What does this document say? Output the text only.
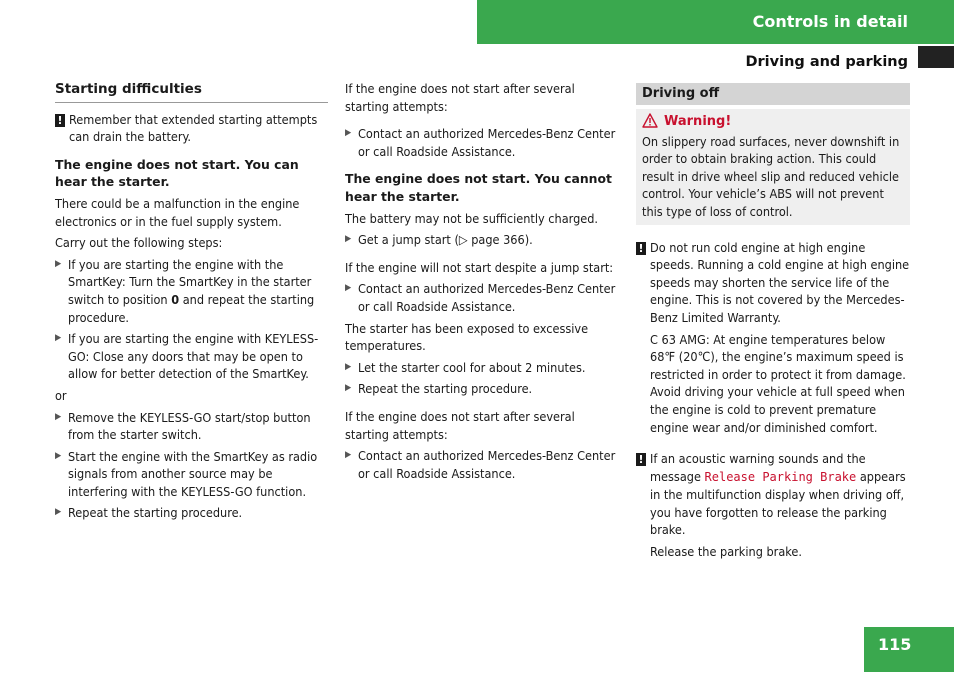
Controls in detail
Driving and parking
115
Starting difficulties
! Remember that extended starting attempts can drain the battery.
The engine does not start. You can hear the starter.
There could be a malfunction in the engine electronics or in the fuel supply system.
Carry out the following steps:
▶ If you are starting the engine with the SmartKey: Turn the SmartKey in the starter switch to position 0 and repeat the starting procedure.
▶ If you are starting the engine with KEYLESS-GO: Close any doors that may be open to allow for better detection of the SmartKey.
or
▶ Remove the KEYLESS-GO start/stop button from the starter switch.
▶ Start the engine with the SmartKey as radio signals from another source may be interfering with the KEYLESS-GO function.
▶ Repeat the starting procedure.
If the engine does not start after several starting attempts:
▶ Contact an authorized Mercedes-Benz Center or call Roadside Assistance.
The engine does not start. You cannot hear the starter.
The battery may not be sufficiently charged.
▶ Get a jump start (▷ page 366).
If the engine will not start despite a jump start:
▶ Contact an authorized Mercedes-Benz Center or call Roadside Assistance.
The starter has been exposed to excessive temperatures.
▶ Let the starter cool for about 2 minutes.
▶ Repeat the starting procedure.
If the engine does not start after several starting attempts:
▶ Contact an authorized Mercedes-Benz Center or call Roadside Assistance.
Driving off
Warning!
On slippery road surfaces, never downshift in order to obtain braking action. This could result in drive wheel slip and reduced vehicle control. Your vehicle’s ABS will not prevent this type of loss of control.
! Do not run cold engine at high engine speeds. Running a cold engine at high engine speeds may shorten the service life of the engine. This is not covered by the Mercedes-Benz Limited Warranty.
C 63 AMG: At engine temperatures below 68℉ (20℃), the engine’s maximum speed is restricted in order to protect it from damage. Avoid driving your vehicle at full speed when the engine is cold to prevent premature engine wear and/or diminished comfort.
! If an acoustic warning sounds and the message Release Parking Brake appears in the multifunction display when driving off, you have forgotten to release the parking brake.
Release the parking brake.
